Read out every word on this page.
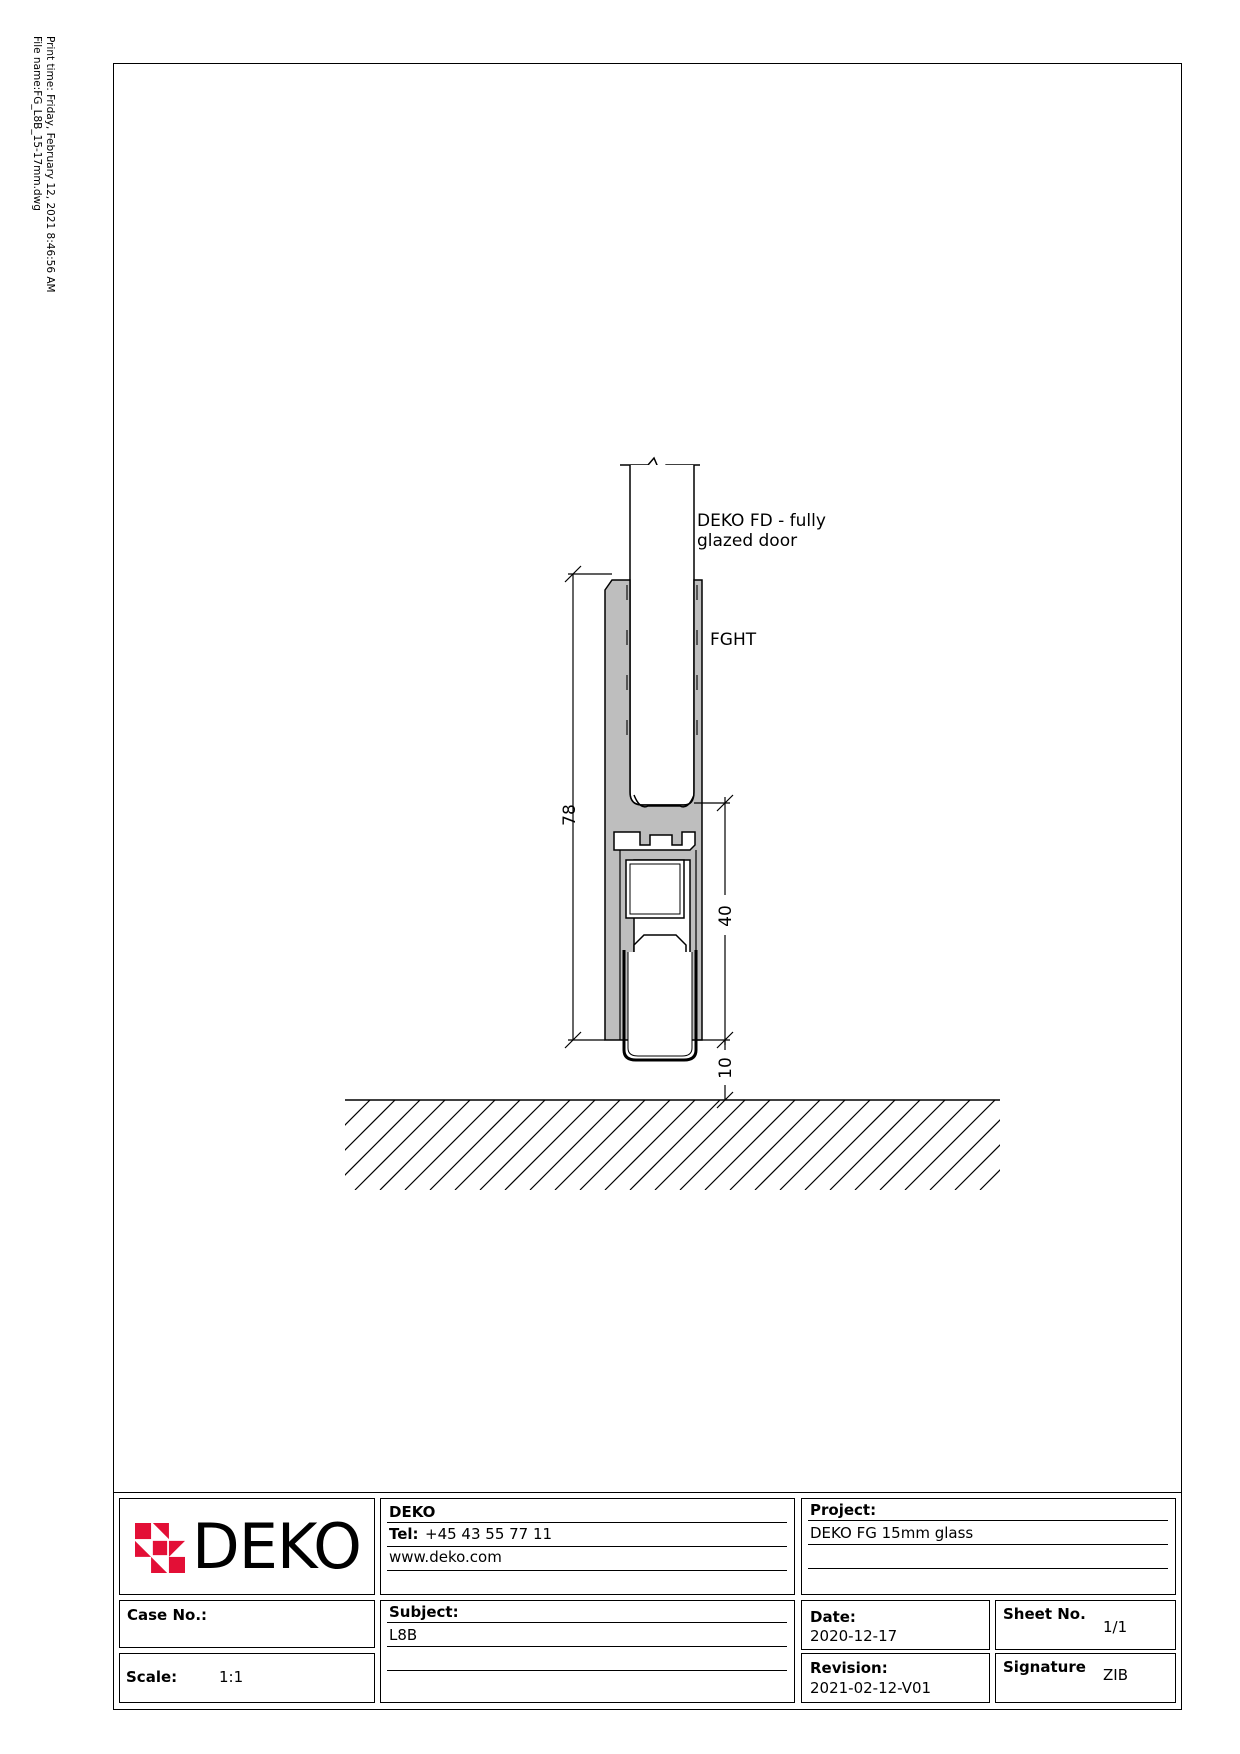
Print time: Friday, February 12, 2021 8:46:56 AM
File name:FG_L8B_15-17mm.dwg
78
40
10
DEKO FD - fully
glazed door
FGHT
DEKO DEKO
Tel: +45 43 55 77 11
www.deko.com
Project:
DEKO FG 15mm glass
Case No.:
Scale:	1:1
Subject:
L8B
Date:
2020-12-17
Sheet No.
1/1
Revision:
2021-02-12-V01
Signature ZIB
